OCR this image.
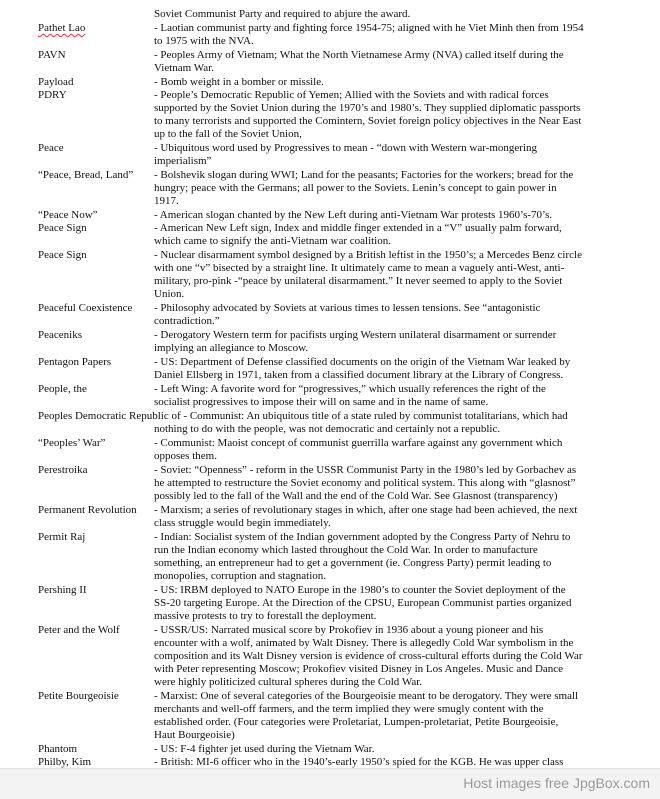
Soviet Communist Party and required to abjure the award.
Pathet Lao	- Laotian communist party and fighting force 1954-75; aligned with he Viet Minh then from 1954
to 1975 with the NVA.
PAVN	- Peoples Army of Vietnam; What the North Vietnamese Army (NVA) called itself during the
Vietnam War.
Payload	- Bomb weight in a bomber or missile.
PDRY	- People’s Democratic Republic of Yemen; Allied with the Soviets and with radical forces
supported by the Soviet Union during the 1970’s and 1980’s. They supplied diplomatic passports
to many terrorists and supported the Comintern, Soviet foreign policy objectives in the Near East
up to the fall of the Soviet Union,
Peace	- Ubiquitous word used by Progressives to mean - “down with Western war-mongering
imperialism”
“Peace, Bread, Land” - Bolshevik slogan during WWI; Land for the peasants; Factories for the workers; bread for the
hungry; peace with the Germans; all power to the Soviets. Lenin’s concept to gain power in
1917.
“Peace Now”	- American slogan chanted by the New Left during anti-Vietnam War protests 1960’s-70’s.
Peace Sign	- American New Left sign, Index and middle finger extended in a “V” usually palm forward,
which came to signify the anti-Vietnam war coalition.
Peace Sign	- Nuclear disarmament symbol designed by a British leftist in the 1950’s; a Mercedes Benz circle
with one “v” bisected by a straight line. It ultimately came to mean a vaguely anti-West, anti-
military, pro-pink -“peace by unilateral disarmament.” It never seemed to apply to the Soviet
Union.
Peaceful Coexistence - Philosophy advocated by Soviets at various times to lessen tensions. See “antagonistic
contradiction.”
Peaceniks	- Derogatory Western term for pacifists urging Western unilateral disarmament or surrender
implying an allegiance to Moscow.
Pentagon Papers	- US: Department of Defense classified documents on the origin of the Vietnam War leaked by
Daniel Ellsberg in 1971, taken from a classified document library at the Library of Congress.
People, the	- Left Wing: A favorite word for “progressives,” which usually references the right of the
socialist progressives to impose their will on same and in the name of same.
Peoples Democratic Republic of - Communist: An ubiquitous title of a state ruled by communist totalitarians, which had
nothing to do with the people, was not democratic and certainly not a republic.
“Peoples’ War”	- Communist: Maoist concept of communist guerrilla warfare against any government which
opposes them.
Perestroika	- Soviet: “Openness” - reform in the USSR Communist Party in the 1980’s led by Gorbachev as
he attempted to restructure the Soviet economy and political system. This along with “glasnost”
possibly led to the fall of the Wall and the end of the Cold War. See Glasnost (transparency)
Permanent Revolution - Marxism; a series of revolutionary stages in which, after one stage had been achieved, the next
class struggle would begin immediately.
Permit Raj	- Indian: Socialist system of the Indian government adopted by the Congress Party of Nehru to
run the Indian economy which lasted throughout the Cold War. In order to manufacture
something, an entrepreneur had to get a government (ie. Congress Party) permit leading to
monopolies, corruption and stagnation.
Pershing II	- US: IRBM deployed to NATO Europe in the 1980’s to counter the Soviet deployment of the
SS-20 targeting Europe. At the Direction of the CPSU, European Communist parties organized
massive protests to try to forestall the deployment.
Peter and the Wolf	- USSR/US: Narrated musical score by Prokofiev in 1936 about a young pioneer and his
encounter with a wolf, animated by Walt Disney. There is allegedly Cold War symbolism in the
composition and its Walt Disney version is evidence of cross-cultural efforts during the Cold War
with Peter representing Moscow; Prokofiev visited Disney in Los Angeles. Music and Dance
were highly politicized cultural spheres during the Cold War.
Petite Bourgeoisie	- Marxist: One of several categories of the Bourgeoisie meant to be derogatory. They were small
merchants and well-off farmers, and the term implied they were smugly content with the
established order. (Four categories were Proletariat, Lumpen-proletariat, Petite Bourgeoisie,
Haut Bourgeoisie)
Phantom	- US: F-4 fighter jet used during the Vietnam War.
Philby, Kim	- British: MI-6 officer who in the 1940’s-early 1950’s spied for the KGB. He was upper class
Host images free JpgBox.com
